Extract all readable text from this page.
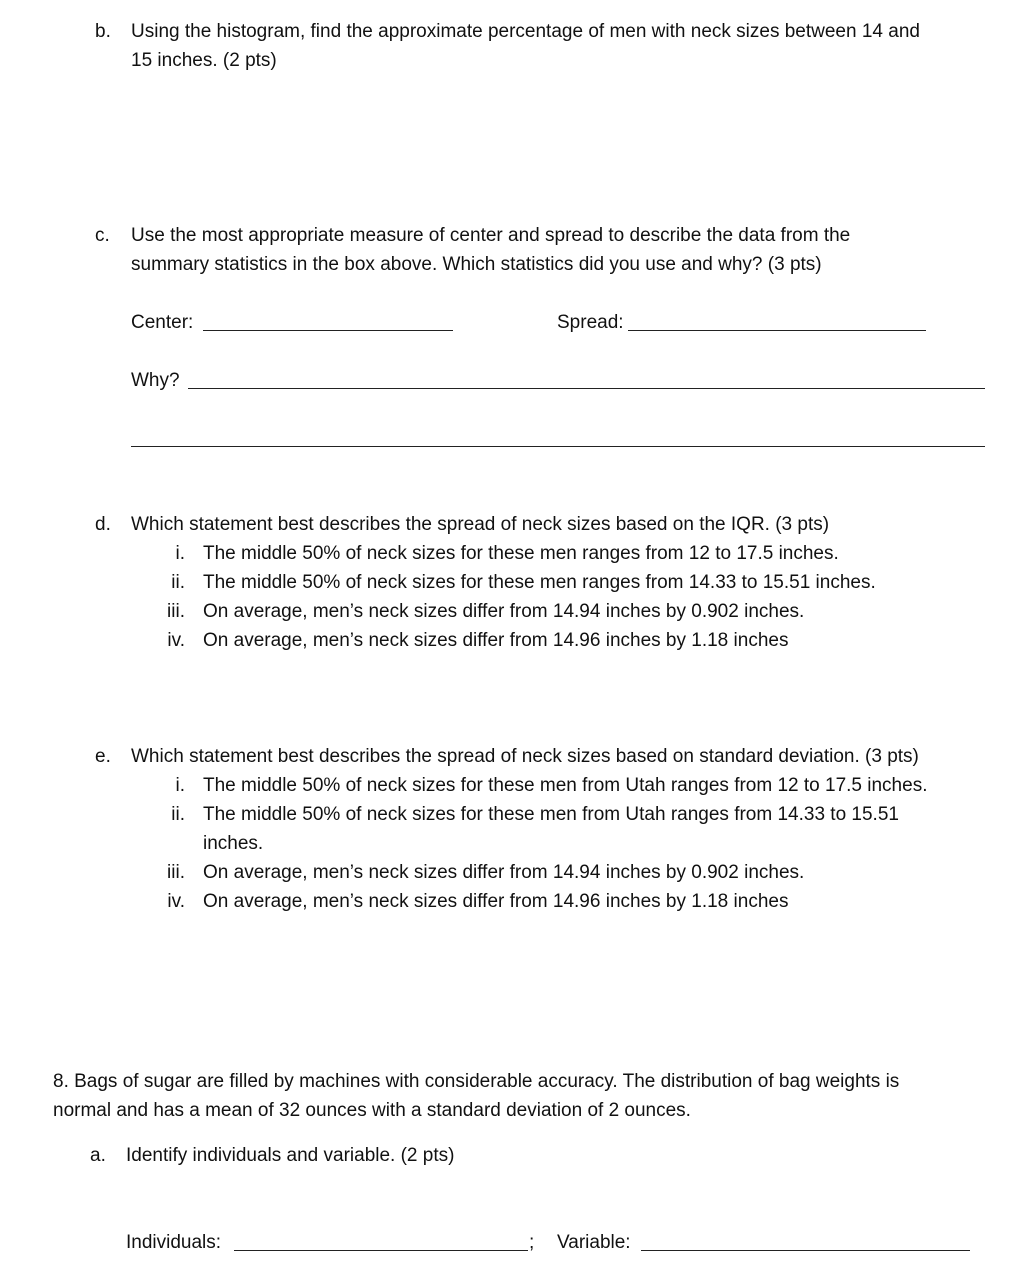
b. Using the histogram, find the approximate percentage of men with neck sizes between 14 and
15 inches. (2 pts)
c. Use the most appropriate measure of center and spread to describe the data from the
summary statistics in the box above. Which statistics did you use and why? (3 pts)
Center:	Spread:
Why?
d. Which statement best describes the spread of neck sizes based on the IQR. (3 pts)
i. The middle 50% of neck sizes for these men ranges from 12 to 17.5 inches.
ii. The middle 50% of neck sizes for these men ranges from 14.33 to 15.51 inches.
iii. On average, men’s neck sizes differ from 14.94 inches by 0.902 inches.
iv. On average, men’s neck sizes differ from 14.96 inches by 1.18 inches
e. Which statement best describes the spread of neck sizes based on standard deviation. (3 pts)
i. The middle 50% of neck sizes for these men from Utah ranges from 12 to 17.5 inches.
ii. The middle 50% of neck sizes for these men from Utah ranges from 14.33 to 15.51
inches.
iii. On average, men’s neck sizes differ from 14.94 inches by 0.902 inches.
iv. On average, men’s neck sizes differ from 14.96 inches by 1.18 inches
8. Bags of sugar are filled by machines with considerable accuracy. The distribution of bag weights is
normal and has a mean of 32 ounces with a standard deviation of 2 ounces.
a. Identify individuals and variable. (2 pts)
Individuals:	; Variable:
